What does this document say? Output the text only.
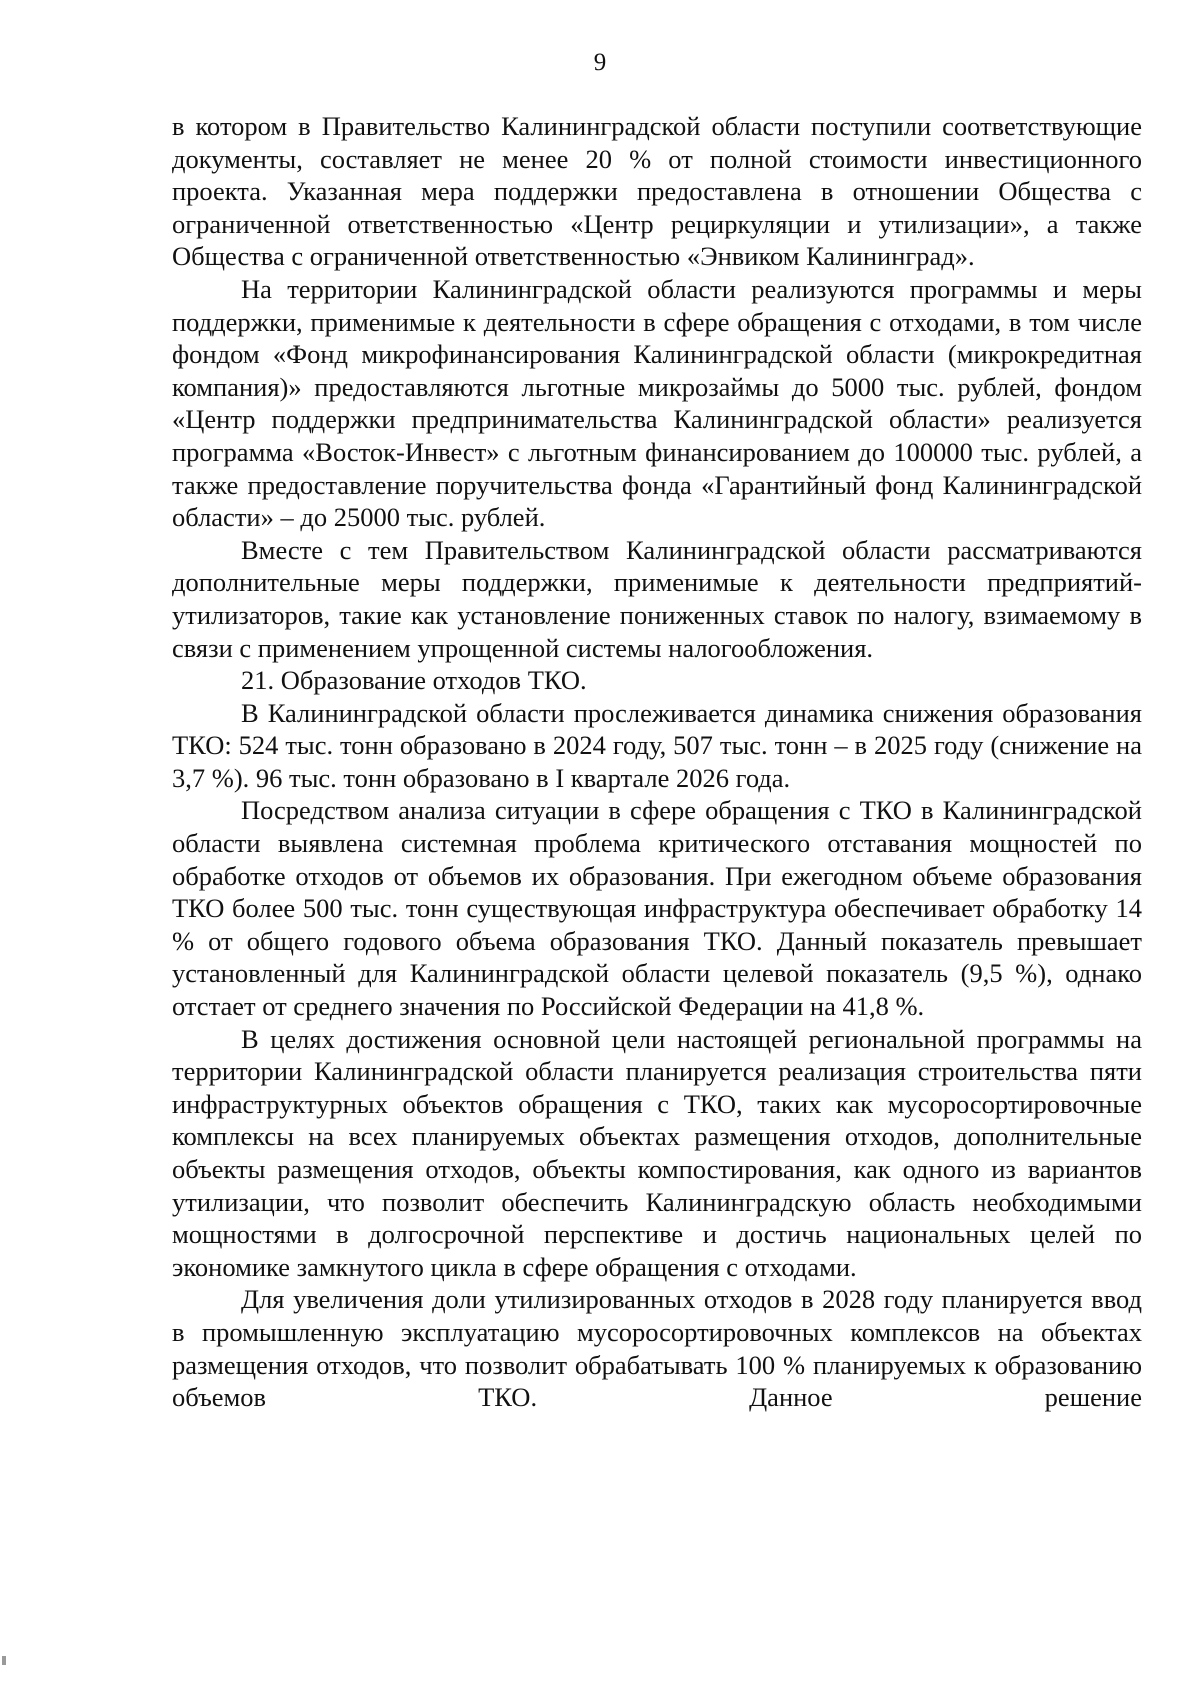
9

в котором в Правительство Калининградской области поступили соответствующие документы, составляет не менее 20 % от полной стоимости инвестиционного проекта. Указанная мера поддержки предоставлена в отношении Общества с ограниченной ответственностью «Центр рециркуляции и утилизации», а также Общества с ограниченной ответственностью «Энвиком Калининград».

На территории Калининградской области реализуются программы и меры поддержки, применимые к деятельности в сфере обращения с отходами, в том числе фондом «Фонд микрофинансирования Калининградской области (микрокредитная компания)» предоставляются льготные микрозаймы до 5000 тыс. рублей, фондом «Центр поддержки предпринимательства Калининградской области» реализуется программа «Восток-Инвест» с льготным финансированием до 100000 тыс. рублей, а также предоставление поручительства фонда «Гарантийный фонд Калининградской области» – до 25000 тыс. рублей.

Вместе с тем Правительством Калининградской области рассматриваются дополнительные меры поддержки, применимые к деятельности предприятий-утилизаторов, такие как установление пониженных ставок по налогу, взимаемому в связи с применением упрощенной системы налогообложения.

21. Образование отходов ТКО.

В Калининградской области прослеживается динамика снижения образования ТКО: 524 тыс. тонн образовано в 2024 году, 507 тыс. тонн – в 2025 году (снижение на 3,7 %). 96 тыс. тонн образовано в I квартале 2026 года.

Посредством анализа ситуации в сфере обращения с ТКО в Калининградской области выявлена системная проблема критического отставания мощностей по обработке отходов от объемов их образования. При ежегодном объеме образования ТКО более 500 тыс. тонн существующая инфраструктура обеспечивает обработку 14 % от общего годового объема образования ТКО. Данный показатель превышает установленный для Калининградской области целевой показатель (9,5 %), однако отстает от среднего значения по Российской Федерации на 41,8 %.

В целях достижения основной цели настоящей региональной программы на территории Калининградской области планируется реализация строительства пяти инфраструктурных объектов обращения с ТКО, таких как мусоросортировочные комплексы на всех планируемых объектах размещения отходов, дополнительные объекты размещения отходов, объекты компостирования, как одного из вариантов утилизации, что позволит обеспечить Калининградскую область необходимыми мощностями в долгосрочной перспективе и достичь национальных целей по экономике замкнутого цикла в сфере обращения с отходами.

Для увеличения доли утилизированных отходов в 2028 году планируется ввод в промышленную эксплуатацию мусоросортировочных комплексов на объектах размещения отходов, что позволит обрабатывать 100 % планируемых к образованию объемов ТКО. Данное решение
